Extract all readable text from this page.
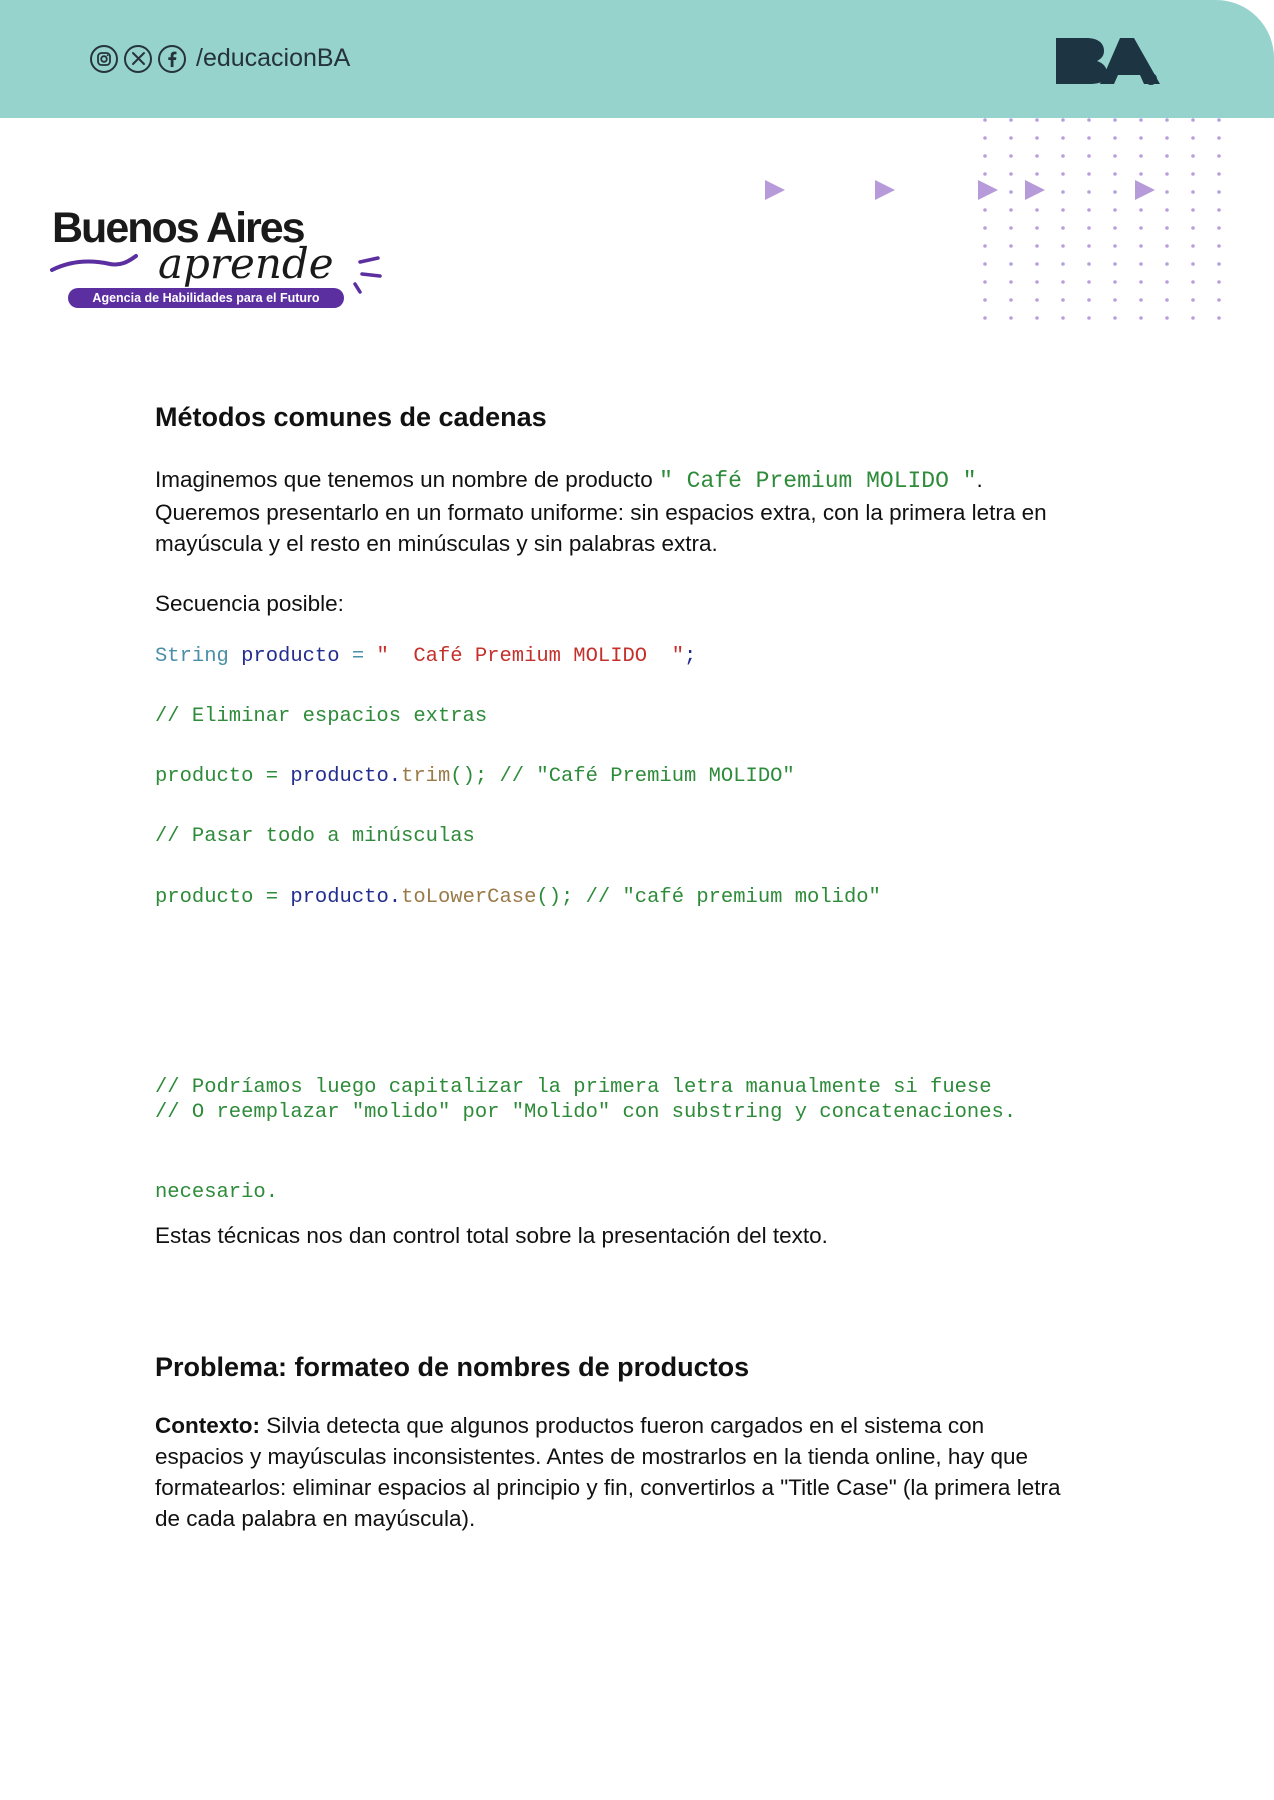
/educacionBA
Buenos Aires
aprende
Agencia de Habilidades para el Futuro
Métodos comunes de cadenas
Imaginemos que tenemos un nombre de producto " Café Premium MOLIDO ".
Queremos presentarlo en un formato uniforme: sin espacios extra, con la primera letra en
mayúscula y el resto en minúsculas y sin palabras extra.
Secuencia posible:
String producto = "  Café Premium MOLIDO  ";
// Eliminar espacios extras
producto = producto.trim(); // "Café Premium MOLIDO"
// Pasar todo a minúsculas
producto = producto.toLowerCase(); // "café premium molido"

// Podríamos luego capitalizar la primera letra manualmente si fuese

necesario.

// O reemplazar "molido" por "Molido" con substring y concatenaciones.
Estas técnicas nos dan control total sobre la presentación del texto.
Problema: formateo de nombres de productos
Contexto: Silvia detecta que algunos productos fueron cargados en el sistema con
espacios y mayúsculas inconsistentes. Antes de mostrarlos en la tienda online, hay que
formatearlos: eliminar espacios al principio y fin, convertirlos a "Title Case" (la primera letra
de cada palabra en mayúscula).
